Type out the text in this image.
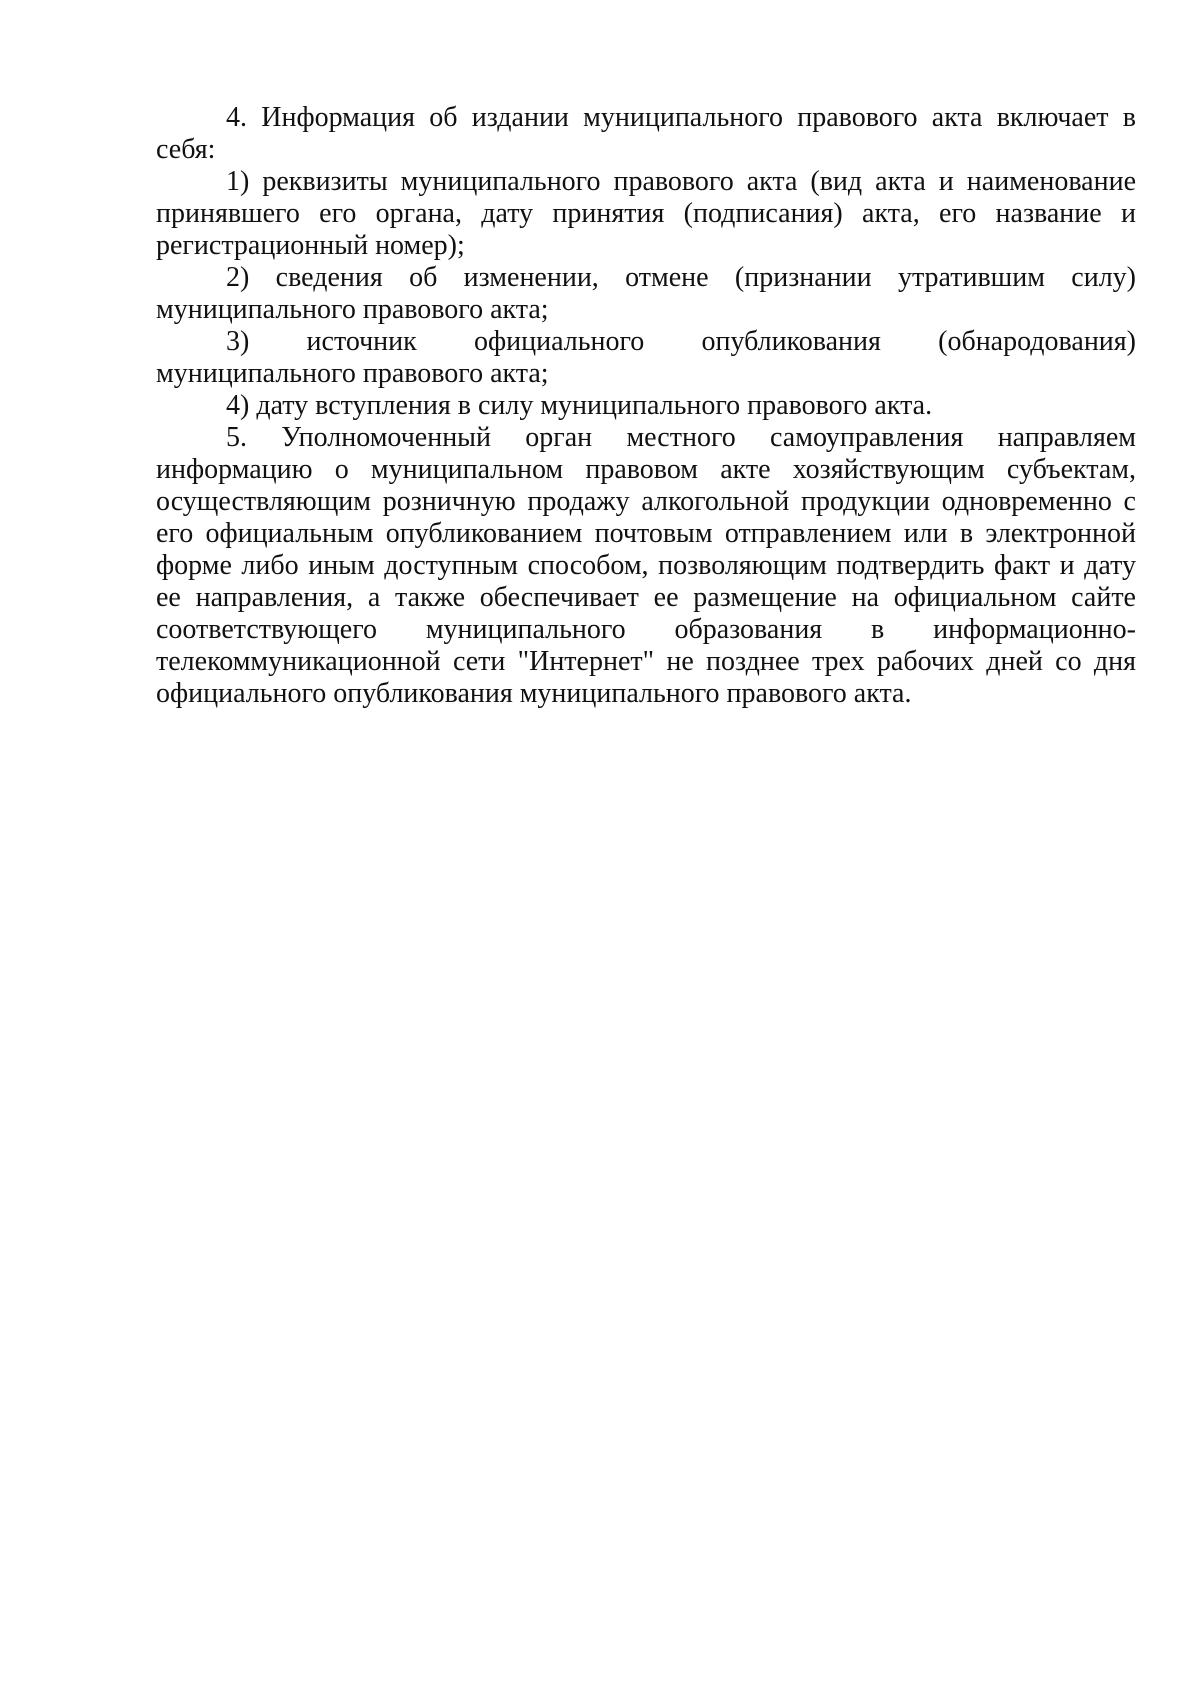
4. Информация об издании муниципального правового акта включает в себя:

1) реквизиты муниципального правового акта (вид акта и наименование принявшего его органа, дату принятия (подписания) акта, его название и регистрационный номер);

2) сведения об изменении, отмене (признании утратившим силу) муниципального правового акта;

3) источник официального опубликования (обнародования) муниципального правового акта;

4) дату вступления в силу муниципального правового акта.

5. Уполномоченный орган местного самоуправления направляем информацию о муниципальном правовом акте хозяйствующим субъектам, осуществляющим розничную продажу алкогольной продукции одновременно с его официальным опубликованием почтовым отправлением или в электронной форме либо иным доступным способом, позволяющим подтвердить факт и дату ее направления, а также обеспечивает ее размещение на официальном сайте соответствующего муниципального образования в информационно-телекоммуникационной сети "Интернет" не позднее трех рабочих дней со дня официального опубликования муниципального правового акта.
